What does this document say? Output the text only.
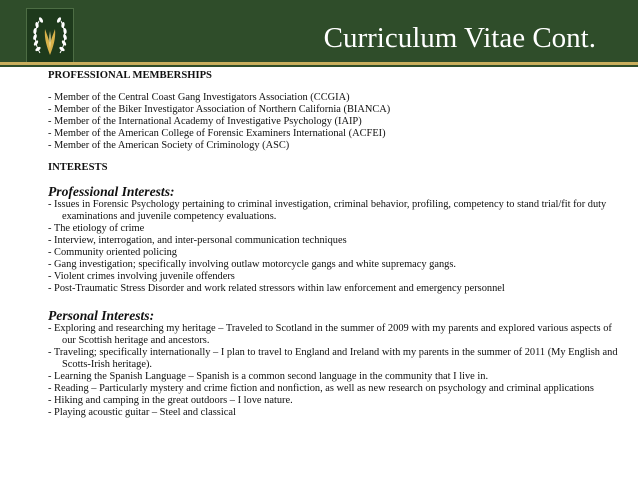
Curriculum Vitae Cont.

PROFESSIONAL MEMBERSHIPS

- Member of the Central Coast Gang Investigators Association (CCGIA)

- Member of the Biker Investigator Association of Northern California (BIANCA)

- Member of the International Academy of Investigative Psychology (IAIP)

- Member of the American College of Forensic Examiners International (ACFEI)

- Member of the American Society of Criminology (ASC)

INTERESTS

Professional Interests:

- Issues in Forensic Psychology pertaining to criminal investigation, criminal behavior, profiling, competency to stand trial/fit for duty examinations and juvenile competency evaluations.

- The etiology of crime

- Interview, interrogation, and inter-personal communication techniques

- Community oriented policing

- Gang investigation; specifically involving outlaw motorcycle gangs and white supremacy gangs.

- Violent crimes involving juvenile offenders

- Post-Traumatic Stress Disorder and work related stressors within law enforcement and emergency personnel

Personal Interests:

- Exploring and researching my heritage – Traveled to Scotland in the summer of 2009 with my parents and explored various aspects of our Scottish heritage and ancestors.

- Traveling; specifically internationally – I plan to travel to England and Ireland with my parents in the summer of 2011 (My English and Scotts-Irish heritage).

- Learning the Spanish Language – Spanish is a common second language in the community that I live in.

- Reading – Particularly mystery and crime fiction and nonfiction, as well as new research on psychology and criminal applications

- Hiking and camping in the great outdoors – I love nature.

- Playing acoustic guitar – Steel and classical
